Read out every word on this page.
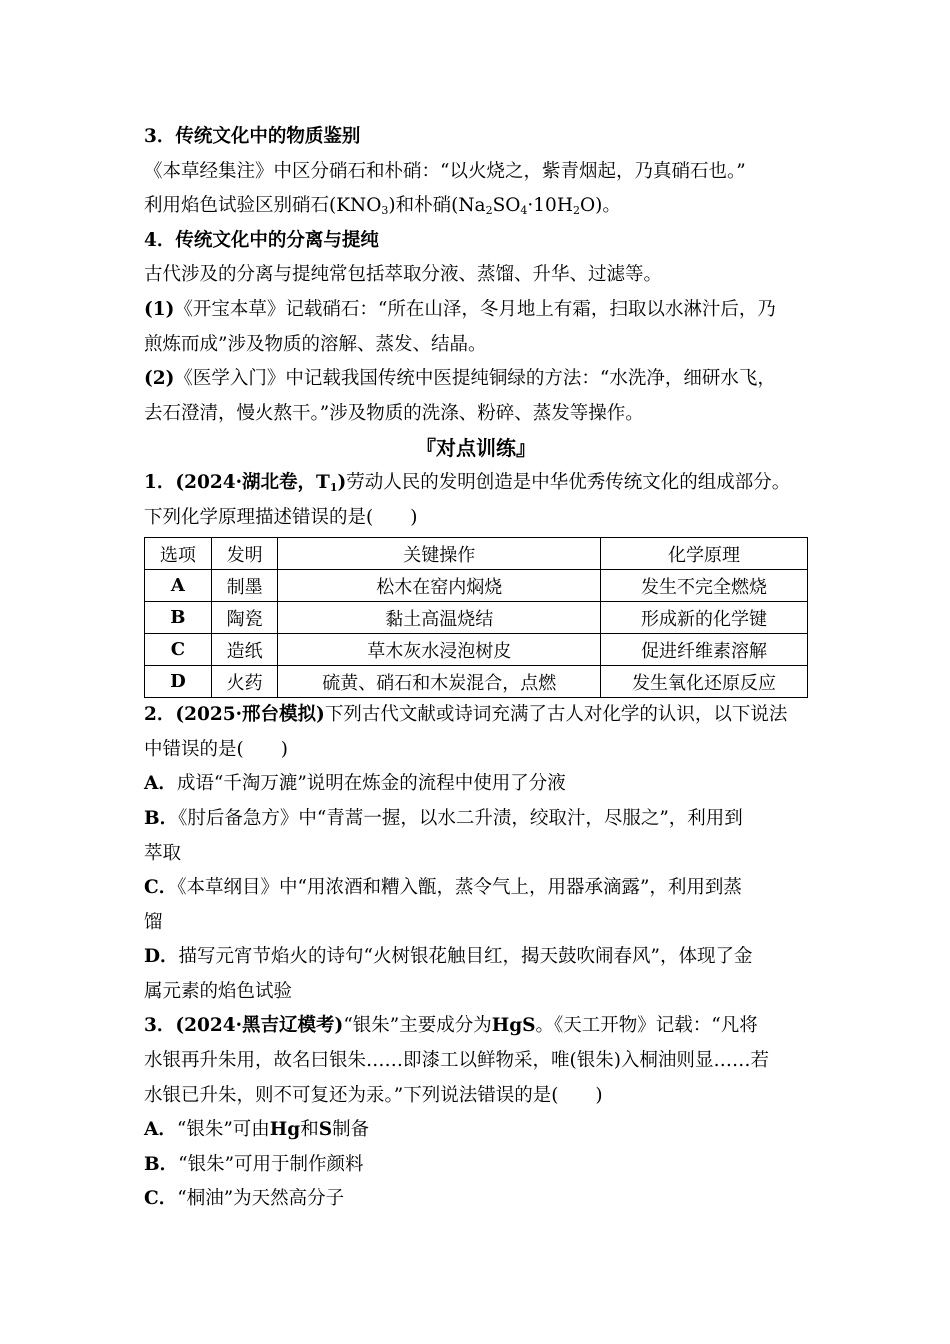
3．传统文化中的物质鉴别

《本草经集注》中区分硝石和朴硝：“以火烧之，紫青烟起，乃真硝石也。”

利用焰色试验区别硝石$(KNO_3)$和朴硝$(Na_2SO_4\cdot 10H_2O)$。

4．传统文化中的分离与提纯

古代涉及的分离与提纯常包括萃取分液、蒸馏、升华、过滤等。

(1)《开宝本草》记载硝石：“所在山泽，冬月地上有霜，扫取以水淋汁后，乃

煎炼而成”涉及物质的溶解、蒸发、结晶。

(2)《医学入门》中记载我国传统中医提纯铜绿的方法：“水洗净，细研水飞，

去石澄清，慢火熬干。”涉及物质的洗涤、粉碎、蒸发等操作。

『对点训练』

1．(2024·湖北卷，$T_1$)劳动人民的发明创造是中华优秀传统文化的组成部分。

下列化学原理描述错误的是(　　)

选项	发明	关键操作	化学原理
A	制墨	松木在窑内焖烧	发生不完全燃烧
B	陶瓷	黏土高温烧结	形成新的化学键
C	造纸	草木灰水浸泡树皮	促进纤维素溶解
D	火药	硫黄、硝石和木炭混合，点燃	发生氧化还原反应

2．(2025·邢台模拟)下列古代文献或诗词充满了古人对化学的认识，以下说法

中错误的是(　　)

A．成语“千淘万漉”说明在炼金的流程中使用了分液

B．《肘后备急方》中“青蒿一握，以水二升渍，绞取汁，尽服之”，利用到

萃取

C．《本草纲目》中“用浓酒和糟入甑，蒸令气上，用器承滴露”，利用到蒸

馏

D．描写元宵节焰火的诗句“火树银花触目红，揭天鼓吹闹春风”，体现了金

属元素的焰色试验

3．(2024·黑吉辽模考)“银朱”主要成分为HgS。《天工开物》记载：“凡将

水银再升朱用，故名曰银朱……即漆工以鲜物采，唯(银朱)入桐油则显……若

水银已升朱，则不可复还为汞。”下列说法错误的是(　　)

A．“银朱”可由Hg和S制备

B．“银朱”可用于制作颜料

C．“桐油”为天然高分子
